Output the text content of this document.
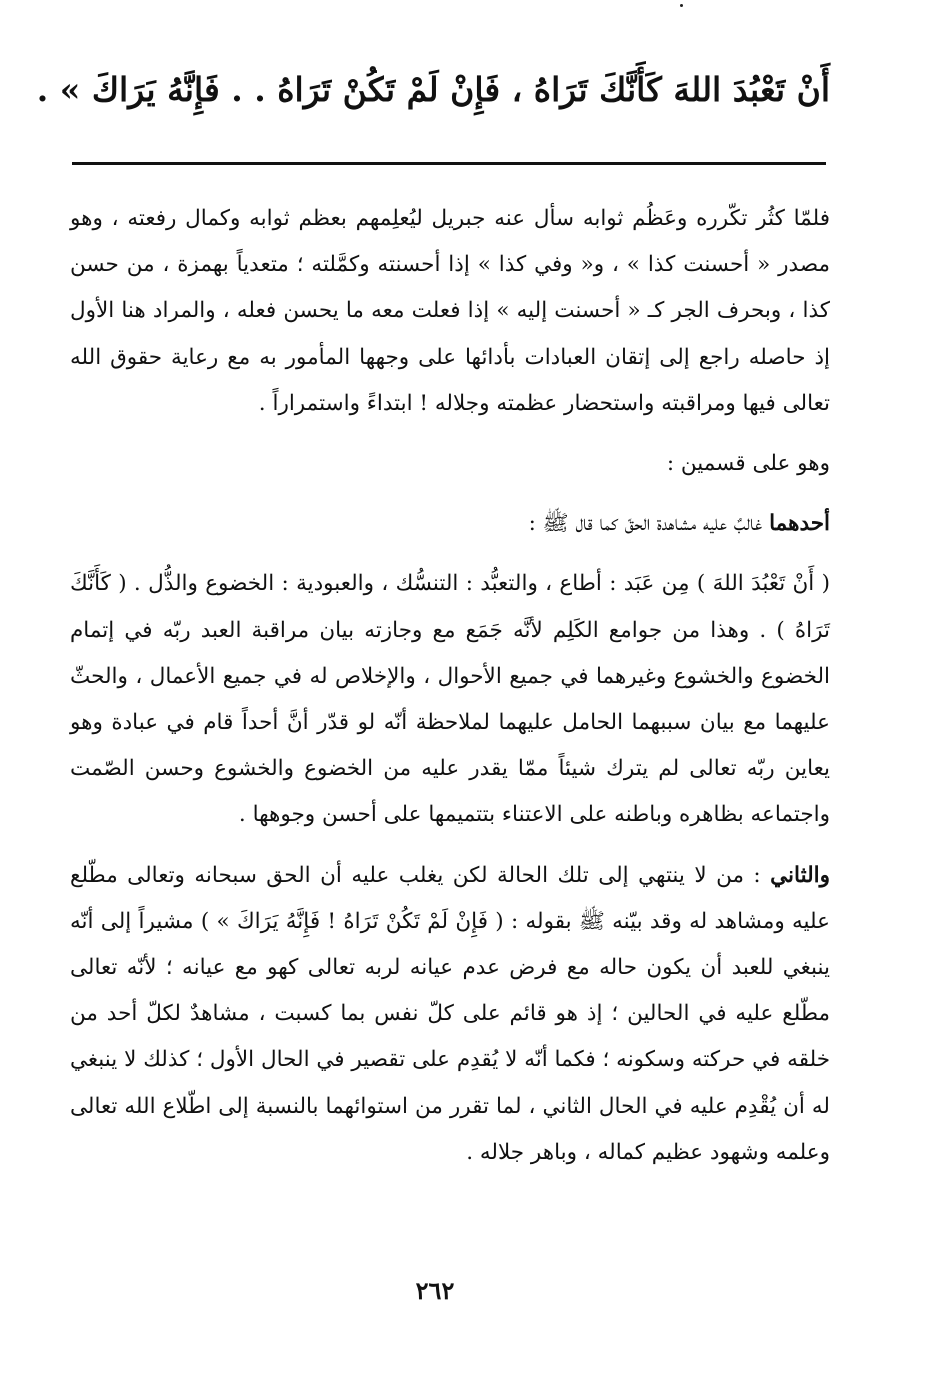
أَنْ تَعْبُدَ اللهَ كَأَنَّكَ تَرَاهُ ، فَإِنْ لَمْ تَكُنْ تَرَاهُ . . فَإِنَّهُ يَرَاكَ » .

فلمّا كثُر تكّرره وعَظُم ثوابه سأل عنه جبريل ليُعلِمهم بعظم ثوابه وكمال رفعته ، وهو مصدر « أحسنت كذا » ، و« وفي كذا » إذا أحسنته وكمَّلته ؛ متعدياً بهمزة ، من حسن كذا ، وبحرف الجر كـ « أحسنت إليه » إذا فعلت معه ما يحسن فعله ، والمراد هنا الأول إذ حاصله راجع إلى إتقان العبادات بأدائها على وجهها المأمور به مع رعاية حقوق الله تعالى فيها ومراقبته واستحضار عظمته وجلاله ! ابتداءً واستمراراً .

وهو على قسمين :

أحدهما غالبٌ عليه مشاهدة الحقّ كما قال ﷺ :

( أَنْ تَعْبُدَ اللهَ ) مِن عَبَد : أطاع ، والتعبُّد : التنسُّك ، والعبودية : الخضوع والذُّل . ( كَأَنَّكَ تَرَاهُ ) . وهذا من جوامع الكَلِم لأنَّه جَمَع مع وجازته بيان مراقبة العبد ربّه في إتمام الخضوع والخشوع وغيرهما في جميع الأحوال ، والإخلاص له في جميع الأعمال ، والحثّ عليهما مع بيان سببهما الحامل عليهما لملاحظة أنّه لو قدّر أنَّ أحداً قام في عبادة وهو يعاين ربّه تعالى لم يترك شيئاً ممّا يقدر عليه من الخضوع والخشوع وحسن الصّمت واجتماعه بظاهره وباطنه على الاعتناء بتتميمها على أحسن وجوهها .

والثاني : من لا ينتهي إلى تلك الحالة لكن يغلب عليه أن الحق سبحانه وتعالى مطّلع عليه ومشاهد له وقد بيّنه ﷺ بقوله : ( فَإِنْ لَمْ تَكُنْ تَرَاهُ ! فَإِنَّهُ يَرَاكَ » ) مشيراً إلى أنّه ينبغي للعبد أن يكون حاله مع فرض عدم عيانه لربه تعالى كهو مع عيانه ؛ لأنّه تعالى مطّلع عليه في الحالين ؛ إذ هو قائم على كلّ نفس بما كسبت ، مشاهدٌ لكلّ أحد من خلقه في حركته وسكونه ؛ فكما أنّه لا يُقدِم على تقصير في الحال الأول ؛ كذلك لا ينبغي له أن يُقْدِم عليه في الحال الثاني ، لما تقرر من استوائهما بالنسبة إلى اطّلاع الله تعالى وعلمه وشهود عظيم كماله ، وباهر جلاله .

٢٦٢
